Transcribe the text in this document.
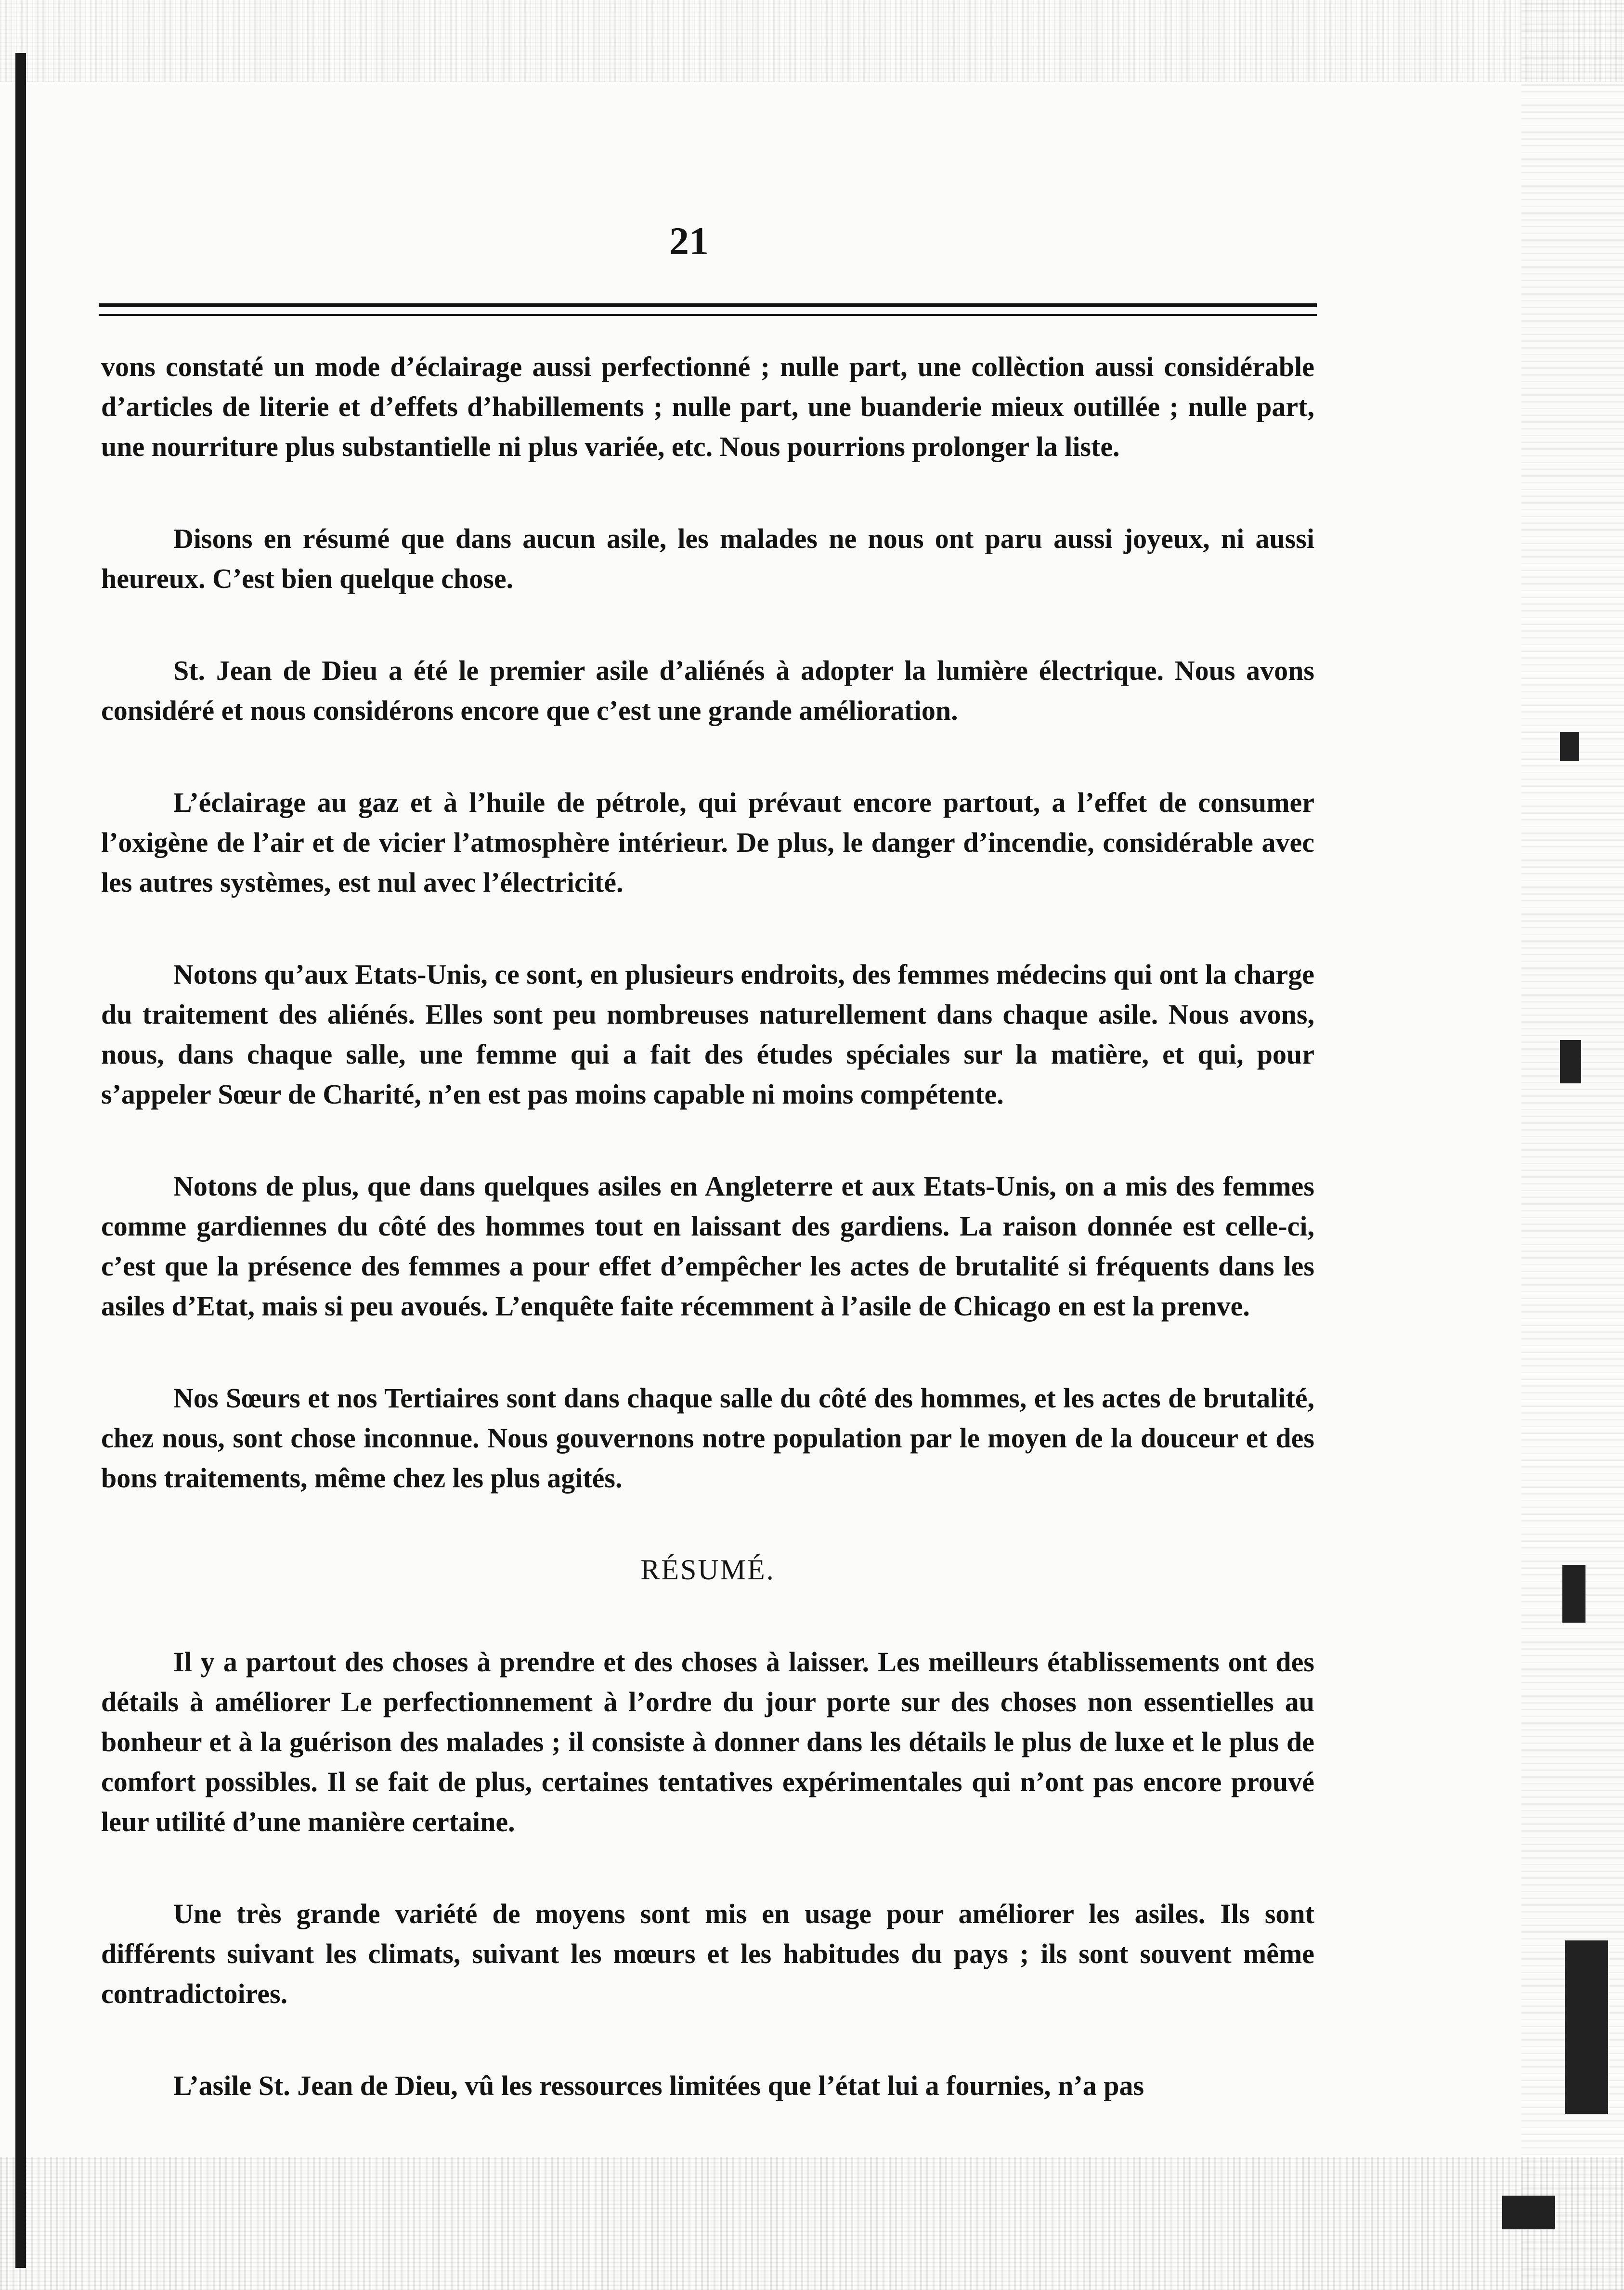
21

vons constaté un mode d’éclairage aussi perfectionné ; nulle part, une collèction aussi considérable d’articles de literie et d’effets d’habillements ; nulle part, une buanderie mieux outillée ; nulle part, une nourriture plus substantielle ni plus variée, etc. Nous pourrions prolonger la liste.

Disons en résumé que dans aucun asile, les malades ne nous ont paru aussi joyeux, ni aussi heureux. C’est bien quelque chose.

St. Jean de Dieu a été le premier asile d’aliénés à adopter la lumière électrique. Nous avons considéré et nous considérons encore que c’est une grande amélioration.

L’éclairage au gaz et à l’huile de pétrole, qui prévaut encore partout, a l’effet de consumer l’oxigène de l’air et de vicier l’atmosphère intérieur. De plus, le danger d’incendie, considérable avec les autres systèmes, est nul avec l’électricité.

Notons qu’aux Etats-Unis, ce sont, en plusieurs endroits, des femmes médecins qui ont la charge du traitement des aliénés. Elles sont peu nombreuses naturellement dans chaque asile. Nous avons, nous, dans chaque salle, une femme qui a fait des études spéciales sur la matière, et qui, pour s’appeler Sœur de Charité, n’en est pas moins capable ni moins compétente.

Notons de plus, que dans quelques asiles en Angleterre et aux Etats-Unis, on a mis des femmes comme gardiennes du côté des hommes tout en laissant des gardiens. La raison donnée est celle-ci, c’est que la présence des femmes a pour effet d’empêcher les actes de brutalité si fréquents dans les asiles d’Etat, mais si peu avoués. L’enquête faite récemment à l’asile de Chicago en est la prenve.

Nos Sœurs et nos Tertiaires sont dans chaque salle du côté des hommes, et les actes de brutalité, chez nous, sont chose inconnue. Nous gouvernons notre population par le moyen de la douceur et des bons traitements, même chez les plus agités.

RÉSUMÉ.

Il y a partout des choses à prendre et des choses à laisser. Les meilleurs établissements ont des détails à améliorer Le perfectionnement à l’ordre du jour porte sur des choses non essentielles au bonheur et à la guérison des malades ; il consiste à donner dans les détails le plus de luxe et le plus de comfort possibles. Il se fait de plus, certaines tentatives expérimentales qui n’ont pas encore prouvé leur utilité d’une manière certaine.

Une très grande variété de moyens sont mis en usage pour améliorer les asiles. Ils sont différents suivant les climats, suivant les mœurs et les habitudes du pays ; ils sont souvent même contradictoires.

L’asile St. Jean de Dieu, vû les ressources limitées que l’état lui a fournies, n’a pas
